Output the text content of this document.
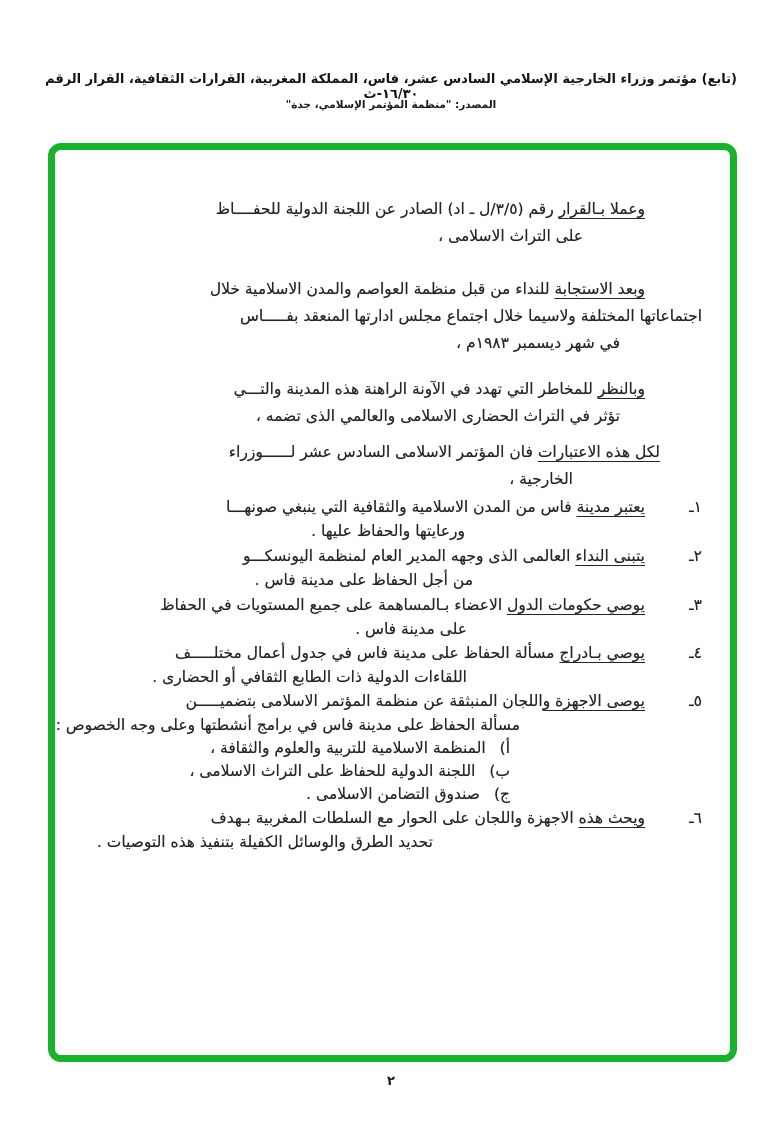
(تابع) مؤتمر وزراء الخارجية الإسلامي السادس عشر، فاس، المملكة المغربية، القرارات الثقافية، القرار الرقم ١٦/٣٠-ث
المصدر: "منظمة المؤتمر الإسلامي، جدة"
وعملا بـالقرار رقم (٣/٥/ل ـ اد) الصادر عن اللجنة الدولية للحفــــاظ
على التراث الاسلامى ،
وبعد الاستجابة للنداء من قبل منظمة العواصم والمدن الاسلامية خلال
اجتماعاتها المختلفة ولاسيما خلال اجتماع مجلس ادارتها المنعقد بفـــــاس
في شهر ديسمبر ١٩٨٣م ،
وبالنظر للمخاطر التي تهدد في الآونة الراهنة هذه المدينة والتـــي
تؤثر في التراث الحضارى الاسلامى والعالمي الذى تضمه ،
لكل هذه الاعتبارات فان المؤتمر الاسلامى السادس عشر لــــــوزراء
الخارجية ،
١ـ
يعتبر مدينة فاس من المدن الاسلامية والثقافية التي ينبغي صونهـــا
ورعايتها والحفاظ عليها .
٢ـ
يتبنى النداء العالمى الذى وجهه المدير العام لمنظمة اليونسكـــو
من أجل الحفاظ على مدينة فاس .
٣ـ
يوصي حكومات الدول الاعضاء بـالمساهمة على جميع المستويات في الحفاظ
على مدينة فاس .
٤ـ
يوصي بـادراج مسألة الحفاظ على مدينة فاس في جدول أعمال مختلـــــف
اللقاءات الدولية ذات الطابع الثقافي أو الحضارى .
٥ـ
يوصى الاجهزة واللجان المنبثقة عن منظمة المؤتمر الاسلامى بتضميـــــن
مسألة الحفاظ على مدينة فاس في برامج أنشطتها وعلى وجه الخصوص :
أ)المنظمة الاسلامية للتربية والعلوم والثقافة ،
ب)اللجنة الدولية للحفاظ على التراث الاسلامى ،
ج)صندوق التضامن الاسلامى .
٦ـ
ويحث هذه الاجهزة واللجان على الحوار مع السلطات المغربية بـهدف
تحديد الطرق والوسائل الكفيلة بتنفيذ هذه التوصيات .
٢
